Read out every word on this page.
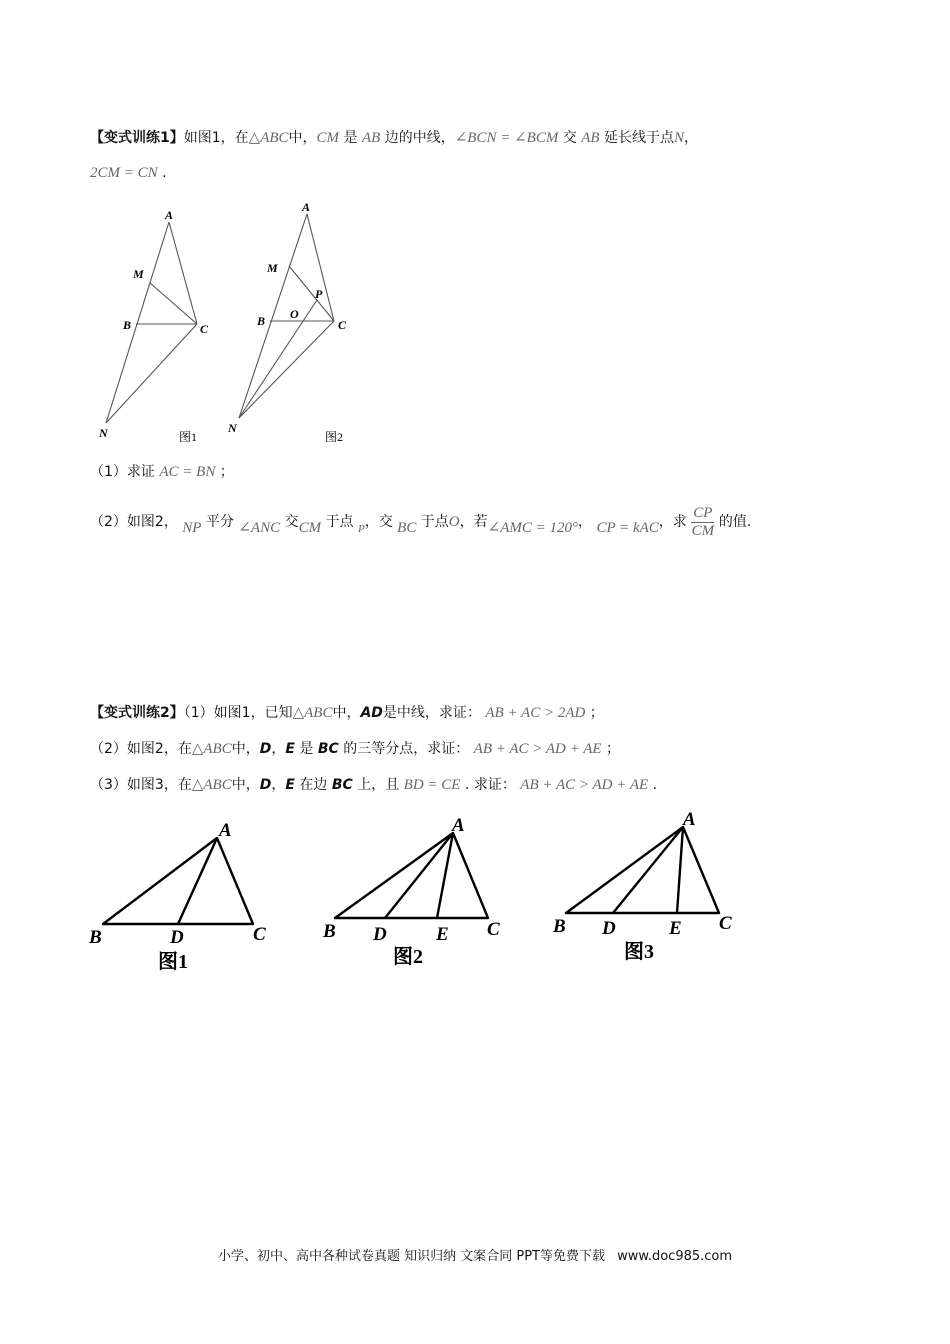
【变式训练1】如图1，在△ABC中，CM 是 AB 边的中线，∠BCN = ∠BCM 交 AB 延长线于点N，
2CM = CN .
A
M
B	C
N	图1
A
M
P
B O
C
N
图2
（1）求证 AC = BN ；
（2）如图2， NP 平分 ∠ANC 交CM 于点 $_P$，交 BC 于点O，若∠AMC = 120°， CP = kAC，求 $\frac{CP}{CM}$ 的值.
【变式训练2】（1）如图1，已知△ABC中，AD是中线，求证： AB + AC > 2AD ；
（2）如图2，在△ABC中，D，E 是 BC 的三等分点，求证： AB + AC > AD + AE ；
（3）如图3，在△ABC中，D，E 在边 BC 上，且 BD = CE . 求证： AB + AC > AD + AE .
A
B	D	C
图1
A
B D	E C
图2
A
B D	E C
图3
小学、初中、高中各种试卷真题 知识归纳 文案合同 PPT等免费下载 www.doc985.com
